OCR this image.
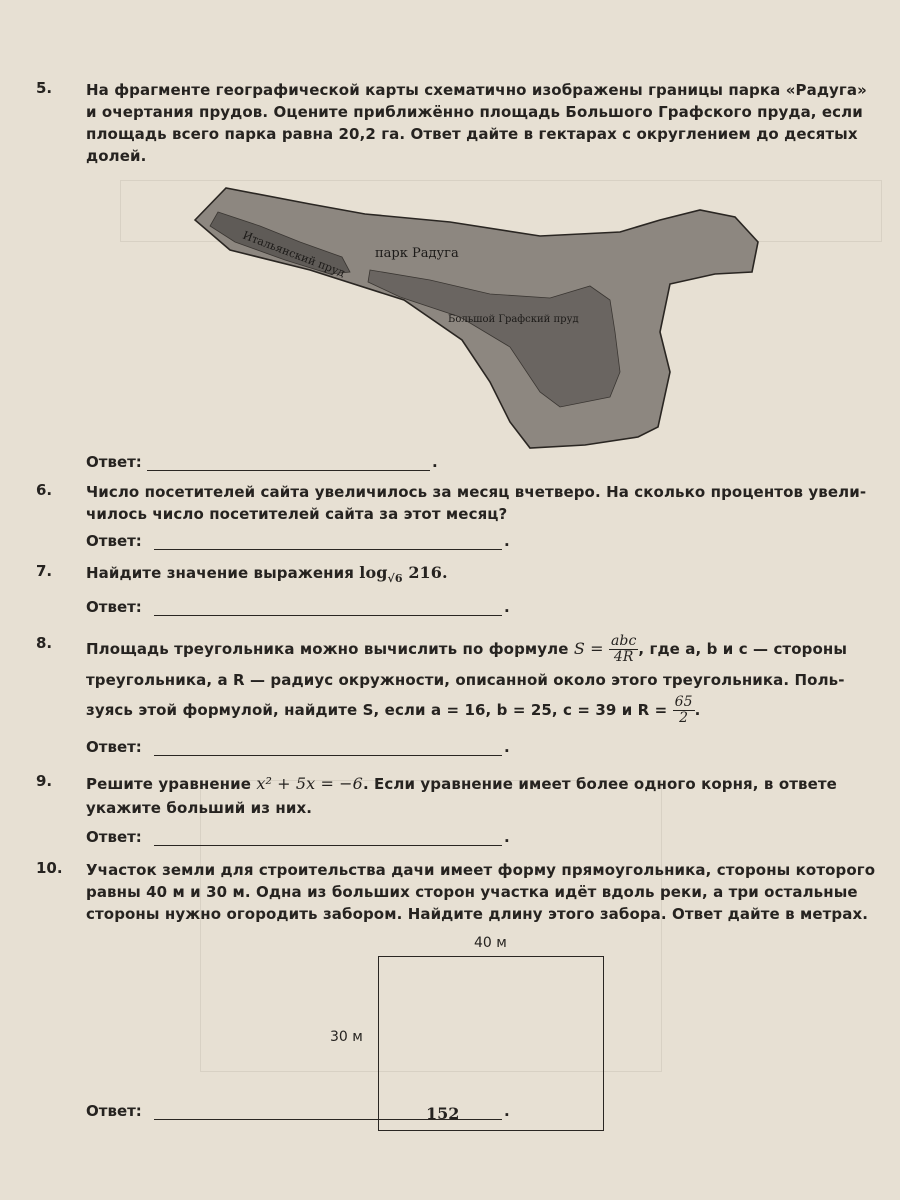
5. На фрагменте географической карты схематично изображены границы парка «Радуга»
и очертания прудов. Оцените приближённо площадь Большого Графского пруда, если
площадь всего парка равна 20,2 га. Ответ дайте в гектарах с округлением до десятых
долей.
Итальянский пруд парк Радуга
Большой Графский пруд
Ответ:	.
6. Число посетителей сайта увеличилось за месяц вчетверо. На сколько процентов увели-
чилось число посетителей сайта за этот месяц?
Ответ:	.
7. Найдите значение выражения $\log_{√6} 216$.
Ответ:	.
8. Площадь треугольника можно вычислить по формуле $S = \frac{\text{abc}}{4R}$ , где a, b и c — стороны
треугольника, а R — радиус окружности, описанной около этого треугольника. Поль-
зуясь этой формулой, найдите S, если a = 16, b = 25, c = 39 и $R = \frac{65}{2}$ .
Ответ:	.
9. Решите уравнение x² + 5x = −6. Если уравнение имеет более одного корня, в ответе
укажите больший из них.
Ответ:	.
10. Участок земли для строительства дачи имеет форму прямоугольника, стороны которого
равны 40 м и 30 м. Одна из больших сторон участка идёт вдоль реки, а три остальные
стороны нужно огородить забором. Найдите длину этого забора. Ответ дайте в метрах.
40 м
30 м
Ответ:	.
152
